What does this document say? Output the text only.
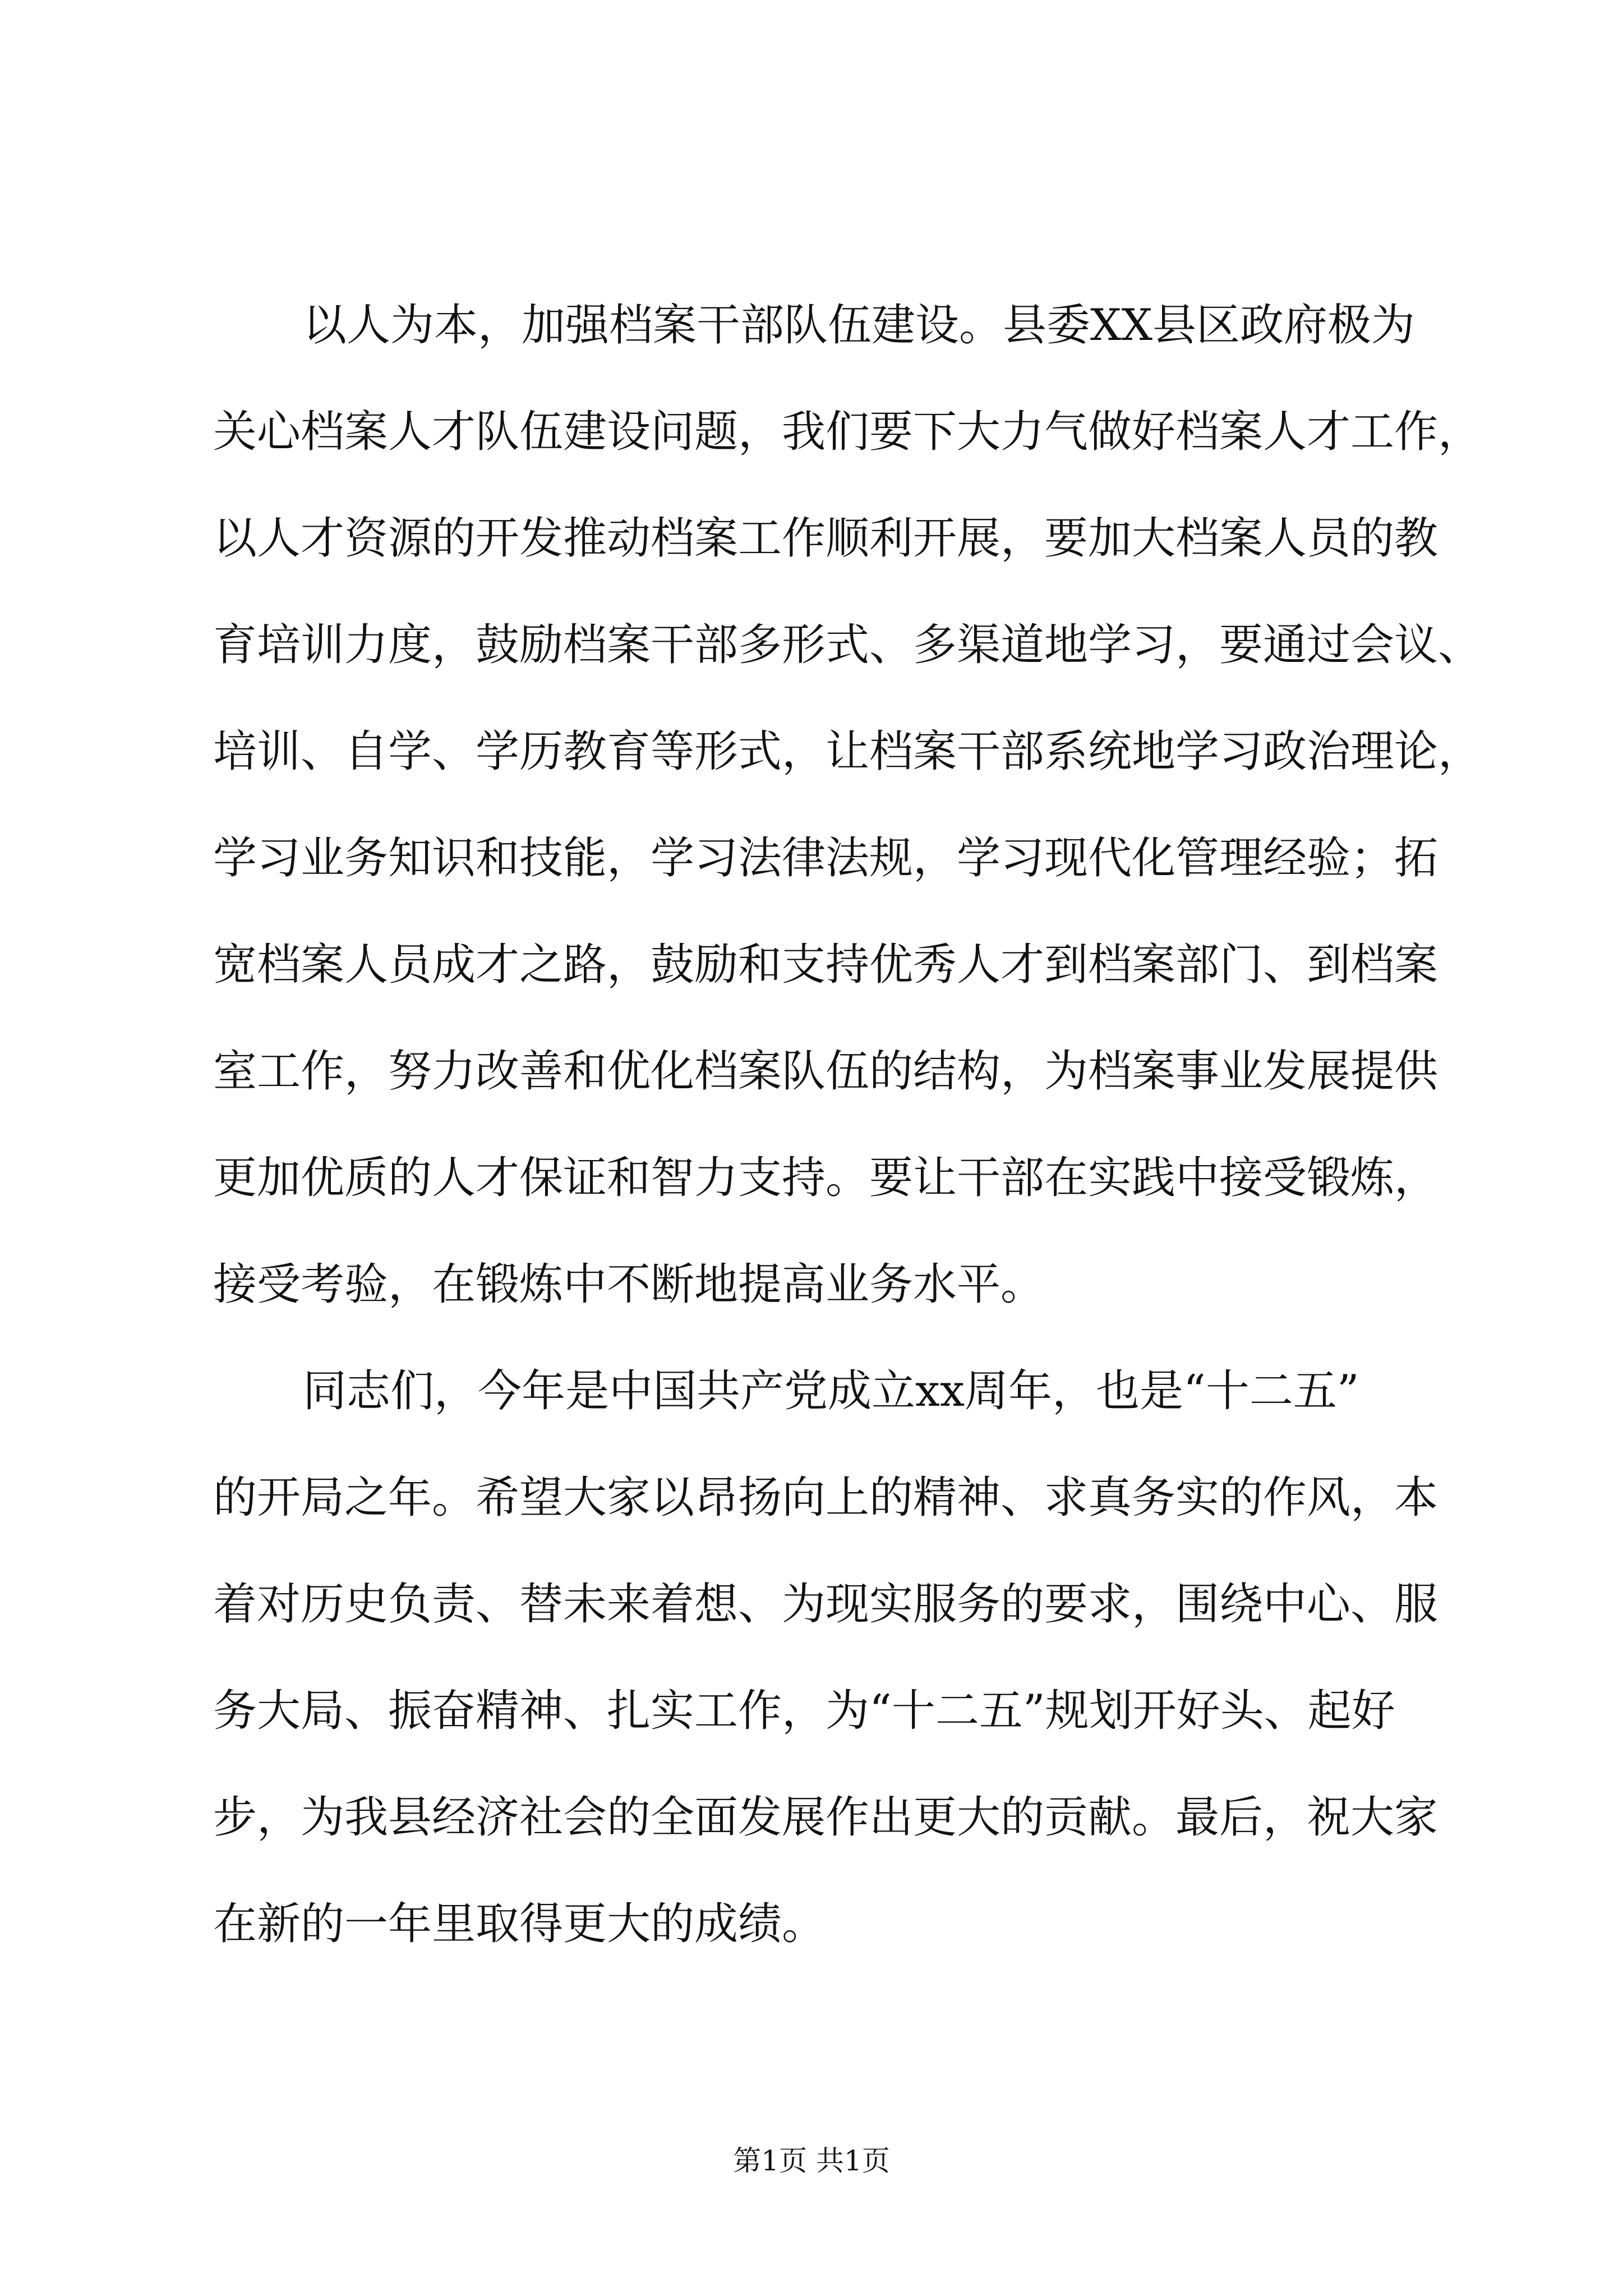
以人为本，加强档案干部队伍建设。县委XX县区政府极为
关心档案人才队伍建设问题，我们要下大力气做好档案人才工作，
以人才资源的开发推动档案工作顺利开展，要加大档案人员的教
育培训力度，鼓励档案干部多形式、多渠道地学习，要通过会议、
培训、自学、学历教育等形式，让档案干部系统地学习政治理论，
学习业务知识和技能，学习法律法规，学习现代化管理经验；拓
宽档案人员成才之路，鼓励和支持优秀人才到档案部门、到档案
室工作，努力改善和优化档案队伍的结构，为档案事业发展提供
更加优质的人才保证和智力支持。要让干部在实践中接受锻炼，
接受考验，在锻炼中不断地提高业务水平。
同志们，今年是中国共产党成立xx周年，也是“十二五”
的开局之年。希望大家以昂扬向上的精神、求真务实的作风，本
着对历史负责、替未来着想、为现实服务的要求，围绕中心、服
务大局、振奋精神、扎实工作，为“十二五”规划开好头、起好
步，为我县经济社会的全面发展作出更大的贡献。最后，祝大家
在新的一年里取得更大的成绩。
第1页 共1页
